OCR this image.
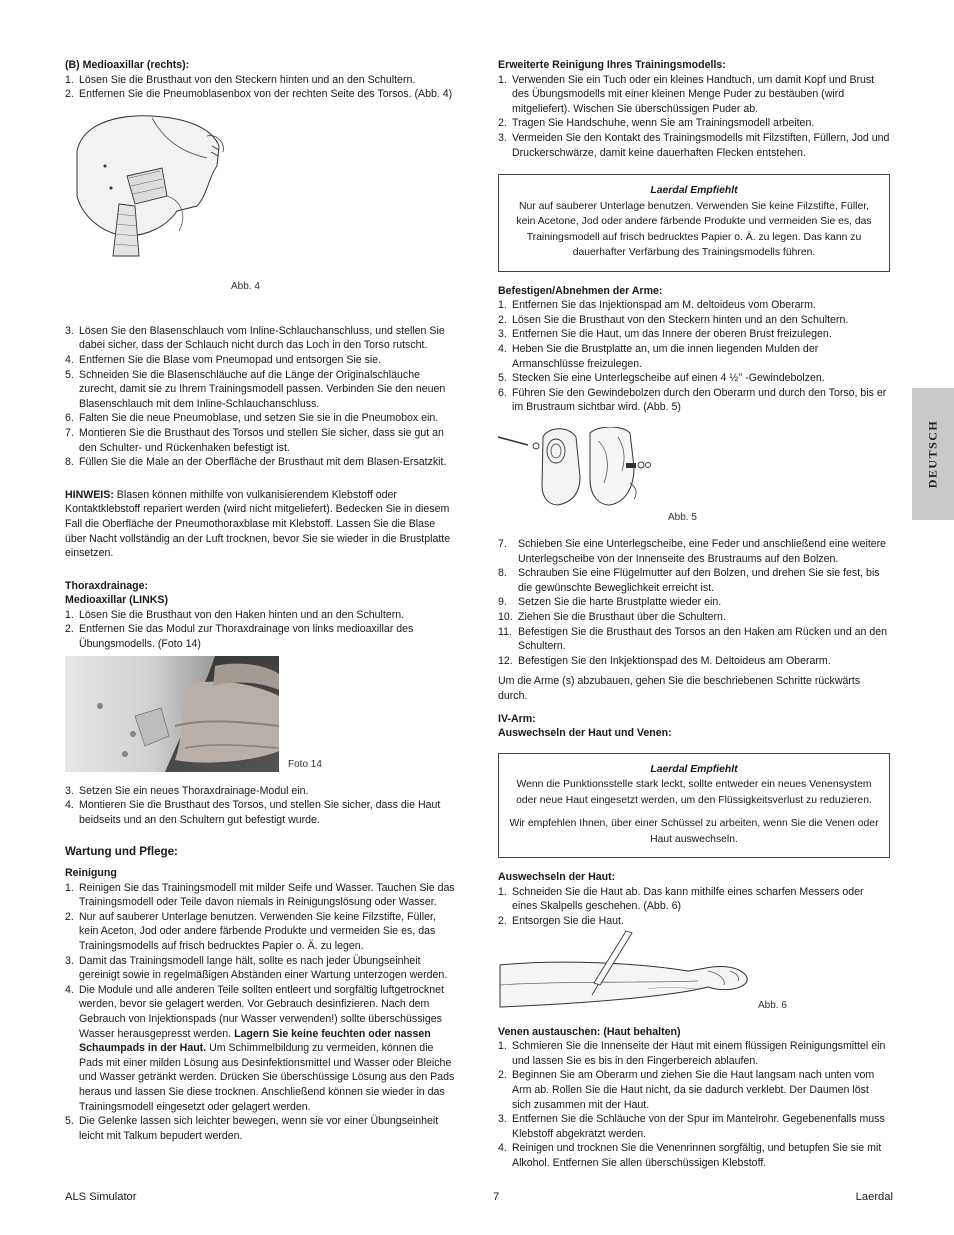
(B) Medioaxillar (rechts):
1. Lösen Sie die Brusthaut von den Steckern hinten und an den Schultern.
2. Entfernen Sie die Pneumoblasenbox von der rechten Seite des Torsos. (Abb. 4)
Abb. 4
3. Lösen Sie den Blasenschlauch vom Inline-Schlauchanschluss, und stellen Sie dabei sicher, dass der Schlauch nicht durch das Loch in den Torso rutscht.
4. Entfernen Sie die Blase vom Pneumopad und entsorgen Sie sie.
5. Schneiden Sie die Blasenschläuche auf die Länge der Originalschläuche zurecht, damit sie zu Ihrem Trainingsmodell passen. Verbinden Sie den neuen Blasenschlauch mit dem Inline-Schlauchanschluss.
6. Falten Sie die neue Pneumoblase, und setzen Sie sie in die Pneumobox ein.
7. Montieren Sie die Brusthaut des Torsos und stellen Sie sicher, dass sie gut an den Schulter- und Rückenhaken befestigt ist.
8. Füllen Sie die Male an der Oberfläche der Brusthaut mit dem Blasen-Ersatzkit.

HINWEIS: Blasen können mithilfe von vulkanisierendem Klebstoff oder Kontaktklebstoff repariert werden (wird nicht mitgeliefert). Bedecken Sie in diesem Fall die Oberfläche der Pneumothoraxblase mit Klebstoff. Lassen Sie die Blase über Nacht vollständig an der Luft trocknen, bevor Sie sie wieder in die Brustplatte einsetzen.

Thoraxdrainage:
Medioaxillar (LINKS)
1. Lösen Sie die Brusthaut von den Haken hinten und an den Schultern.
2. Entfernen Sie das Modul zur Thoraxdrainage von links medioaxillar des Übungsmodells. (Foto 14)
Foto 14
3. Setzen Sie ein neues Thoraxdrainage-Modul ein.
4. Montieren Sie die Brusthaut des Torsos, und stellen Sie sicher, dass die Haut beidseits und an den Schultern gut befestigt wurde.
Wartung und Pflege:
Reinigung
1. Reinigen Sie das Trainingsmodell mit milder Seife und Wasser. Tauchen Sie das Trainingsmodell oder Teile davon niemals in Reinigungslösung oder Wasser.
2. Nur auf sauberer Unterlage benutzen. Verwenden Sie keine Filzstifte, Füller, kein Aceton, Jod oder andere färbende Produkte und vermeiden Sie es, das Trainingsmodells auf frisch bedrucktes Papier o. Ä. zu legen.
3. Damit das Trainingsmodell lange hält, sollte es nach jeder Übungseinheit gereinigt sowie in regelmäßigen Abständen einer Wartung unterzogen werden.
4. Die Module und alle anderen Teile sollten entleert und sorgfältig luftgetrocknet werden, bevor sie gelagert werden. Vor Gebrauch desinfizieren. Nach dem Gebrauch von Injektionspads (nur Wasser verwenden!) sollte überschüssiges Wasser herausgepresst werden. Lagern Sie keine feuchten oder nassen Schaumpads in der Haut. Um Schimmelbildung zu vermeiden, können die Pads mit einer milden Lösung aus Desinfektionsmittel und Wasser oder Bleiche und Wasser getränkt werden. Drücken Sie überschüssige Lösung aus den Pads heraus und lassen Sie diese trocknen. Anschließend können sie wieder in das Trainingsmodell eingesetzt oder gelagert werden.
5. Die Gelenke lassen sich leichter bewegen, wenn sie vor einer Übungseinheit leicht mit Talkum bepudert werden.
Erweiterte Reinigung Ihres Trainingsmodells:
1. Verwenden Sie ein Tuch oder ein kleines Handtuch, um damit Kopf und Brust des Übungsmodells mit einer kleinen Menge Puder zu bestäuben (wird mitgeliefert). Wischen Sie überschüssigen Puder ab.
2. Tragen Sie Handschuhe, wenn Sie am Trainingsmodell arbeiten.
3. Vermeiden Sie den Kontakt des Trainingsmodells mit Filzstiften, Füllern, Jod und Druckerschwärze, damit keine dauerhaften Flecken entstehen.
Laerdal Empfiehlt

Nur auf sauberer Unterlage benutzen. Verwenden Sie keine Filzstifte, Füller, kein Acetone, Jod oder andere färbende Produkte und vermeiden Sie es, das Trainingsmodell auf frisch bedrucktes Papier o. Ä. zu legen. Das kann zu dauerhafter Verfärbung des Trainingsmodells führen.

Befestigen/Abnehmen der Arme:
1. Entfernen Sie das Injektionspad am M. deltoideus vom Oberarm.
2. Lösen Sie die Brusthaut von den Steckern hinten und an den Schultern.
3. Entfernen Sie die Haut, um das Innere der oberen Brust freizulegen.
4. Heben Sie die Brustplatte an, um die innen liegenden Mulden der Armanschlüsse freizulegen.
5. Stecken Sie eine Unterlegscheibe auf einen 4 ½’’ -Gewindebolzen.
6. Führen Sie den Gewindebolzen durch den Oberarm und durch den Torso, bis er im Brustraum sichtbar wird. (Abb. 5)
Abb. 5
7. Schieben Sie eine Unterlegscheibe, eine Feder und anschließend eine weitere Unterlegscheibe von der Innenseite des Brustraums auf den Bolzen.
8. Schrauben Sie eine Flügelmutter auf den Bolzen, und drehen Sie sie fest, bis die gewünschte Beweglichkeit erreicht ist.
9. Setzen Sie die harte Brustplatte wieder ein.
10. Ziehen Sie die Brusthaut über die Schultern.
11. Befestigen Sie die Brusthaut des Torsos an den Haken am Rücken und an den Schultern.
12. Befestigen Sie den Inkjektionspad des M. Deltoideus am Oberarm.

Um die Arme (s) abzubauen, gehen Sie die beschriebenen Schritte rückwärts durch.

IV-Arm:
Auswechseln der Haut und Venen:
Laerdal Empfiehlt

Wenn die Punktionsstelle stark leckt, sollte entweder ein neues Venensystem oder neue Haut eingesetzt werden, um den Flüssigkeitsverlust zu reduzieren.

Wir empfehlen Ihnen, über einer Schüssel zu arbeiten, wenn Sie die Venen oder Haut auswechseln.

Auswechseln der Haut:
1. Schneiden Sie die Haut ab. Das kann mithilfe eines scharfen Messers oder eines Skalpells geschehen. (Abb. 6)
2. Entsorgen Sie die Haut.
Abb. 6
Venen austauschen: (Haut behalten)
1. Schmieren Sie die Innenseite der Haut mit einem flüssigen Reinigungsmittel ein und lassen Sie es bis in den Fingerbereich ablaufen.
2. Beginnen Sie am Oberarm und ziehen Sie die Haut langsam nach unten vom Arm ab. Rollen Sie die Haut nicht, da sie dadurch verklebt. Der Daumen löst sich zusammen mit der Haut.
3. Entfernen Sie die Schläuche von der Spur im Mantelrohr. Gegebenenfalls muss Klebstoff abgekratzt werden.
4. Reinigen und trocknen Sie die Venenrinnen sorgfältig, und betupfen Sie sie mit Alkohol. Entfernen Sie allen überschüssigen Klebstoff.
DEUTSCH
ALS Simulator	7	Laerdal
